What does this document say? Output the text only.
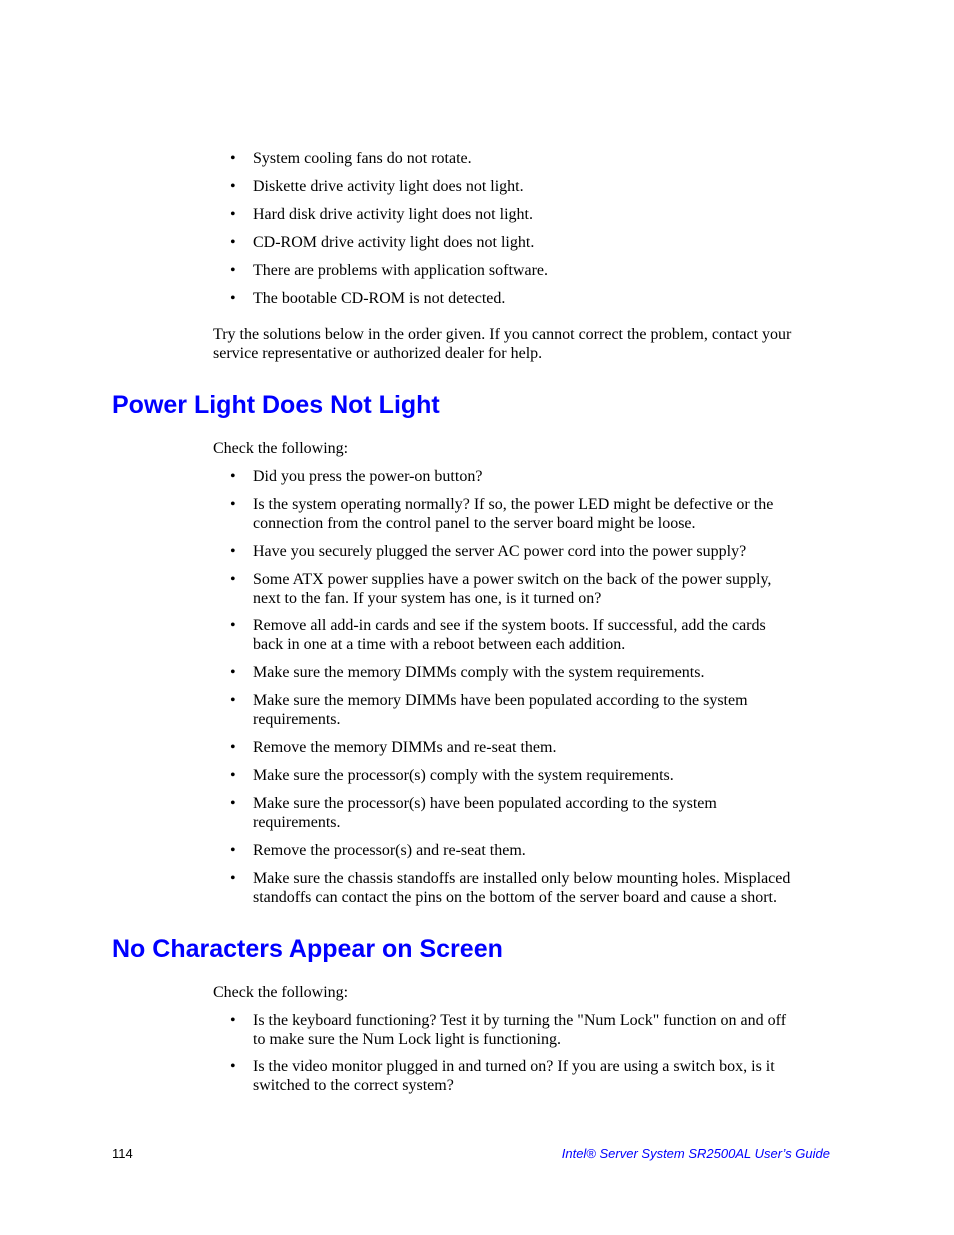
• System cooling fans do not rotate.
• Diskette drive activity light does not light.
• Hard disk drive activity light does not light.
• CD-ROM drive activity light does not light.
• There are problems with application software.
• The bootable CD-ROM is not detected.
Try the solutions below in the order given. If you cannot correct the problem, contact your
service representative or authorized dealer for help.
Power Light Does Not Light
Check the following:
• Did you press the power-on button?
• Is the system operating normally? If so, the power LED might be defective or the
connection from the control panel to the server board might be loose.
• Have you securely plugged the server AC power cord into the power supply?
• Some ATX power supplies have a power switch on the back of the power supply,
next to the fan. If your system has one, is it turned on?
• Remove all add-in cards and see if the system boots. If successful, add the cards
back in one at a time with a reboot between each addition.
• Make sure the memory DIMMs comply with the system requirements.
• Make sure the memory DIMMs have been populated according to the system
requirements.
• Remove the memory DIMMs and re-seat them.
• Make sure the processor(s) comply with the system requirements.
• Make sure the processor(s) have been populated according to the system
requirements.
• Remove the processor(s) and re-seat them.
• Make sure the chassis standoffs are installed only below mounting holes. Misplaced
standoffs can contact the pins on the bottom of the server board and cause a short.
No Characters Appear on Screen
Check the following:
• Is the keyboard functioning? Test it by turning the "Num Lock" function on and off
to make sure the Num Lock light is functioning.
• Is the video monitor plugged in and turned on? If you are using a switch box, is it
switched to the correct system?
114	Intel® Server System SR2500AL User’s Guide
